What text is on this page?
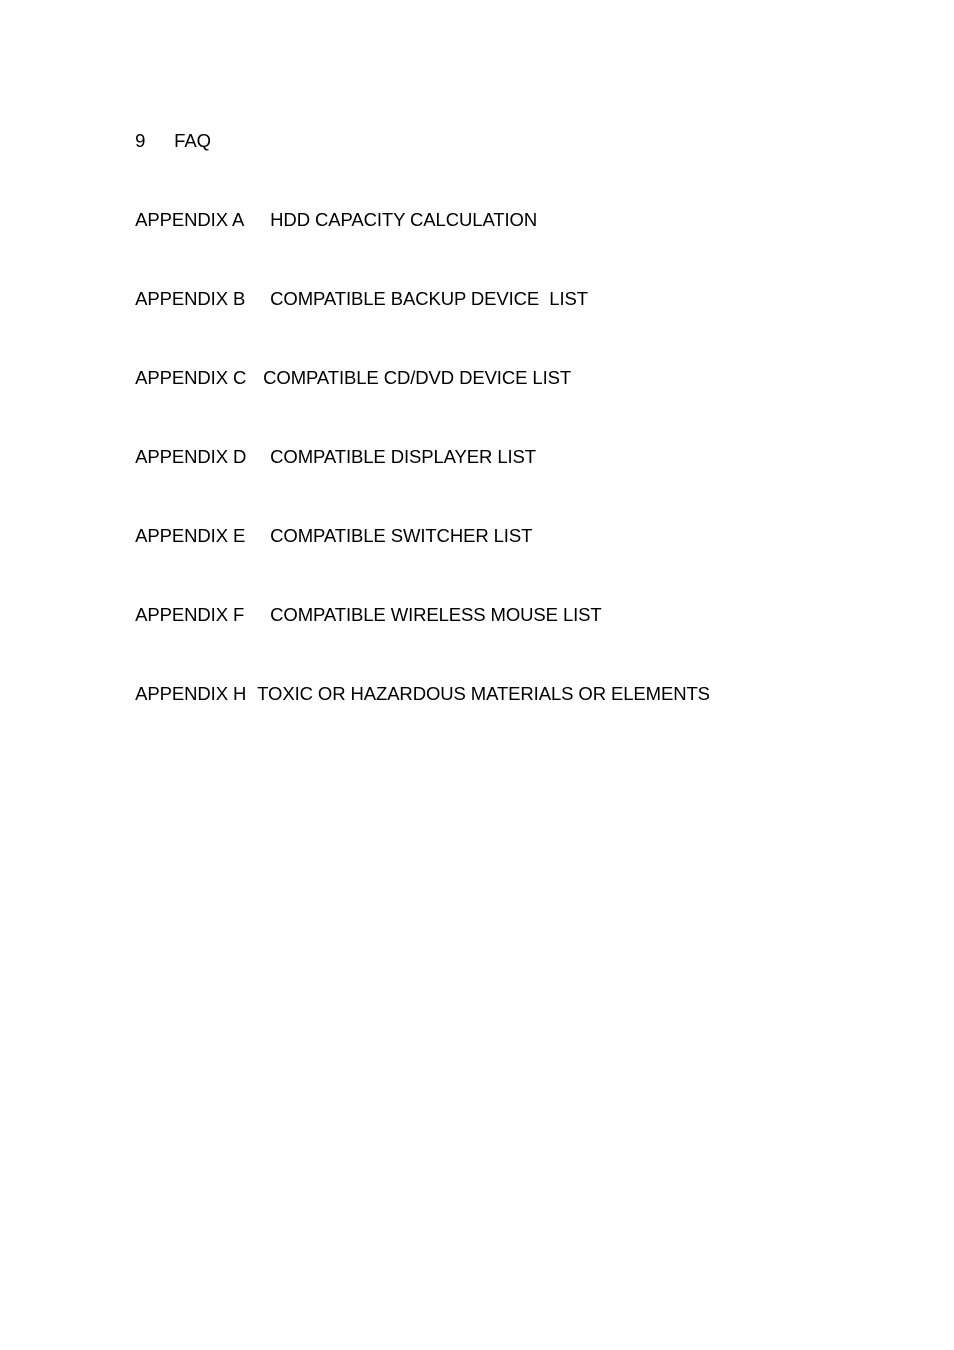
9 FAQ

APPENDIX A HDD CAPACITY CALCULATION

APPENDIX B COMPATIBLE BACKUP DEVICE  LIST

APPENDIX C COMPATIBLE CD/DVD DEVICE LIST

APPENDIX D COMPATIBLE DISPLAYER LIST

APPENDIX E COMPATIBLE SWITCHER LIST

APPENDIX F COMPATIBLE WIRELESS MOUSE LIST

APPENDIX H TOXIC OR HAZARDOUS MATERIALS OR ELEMENTS
